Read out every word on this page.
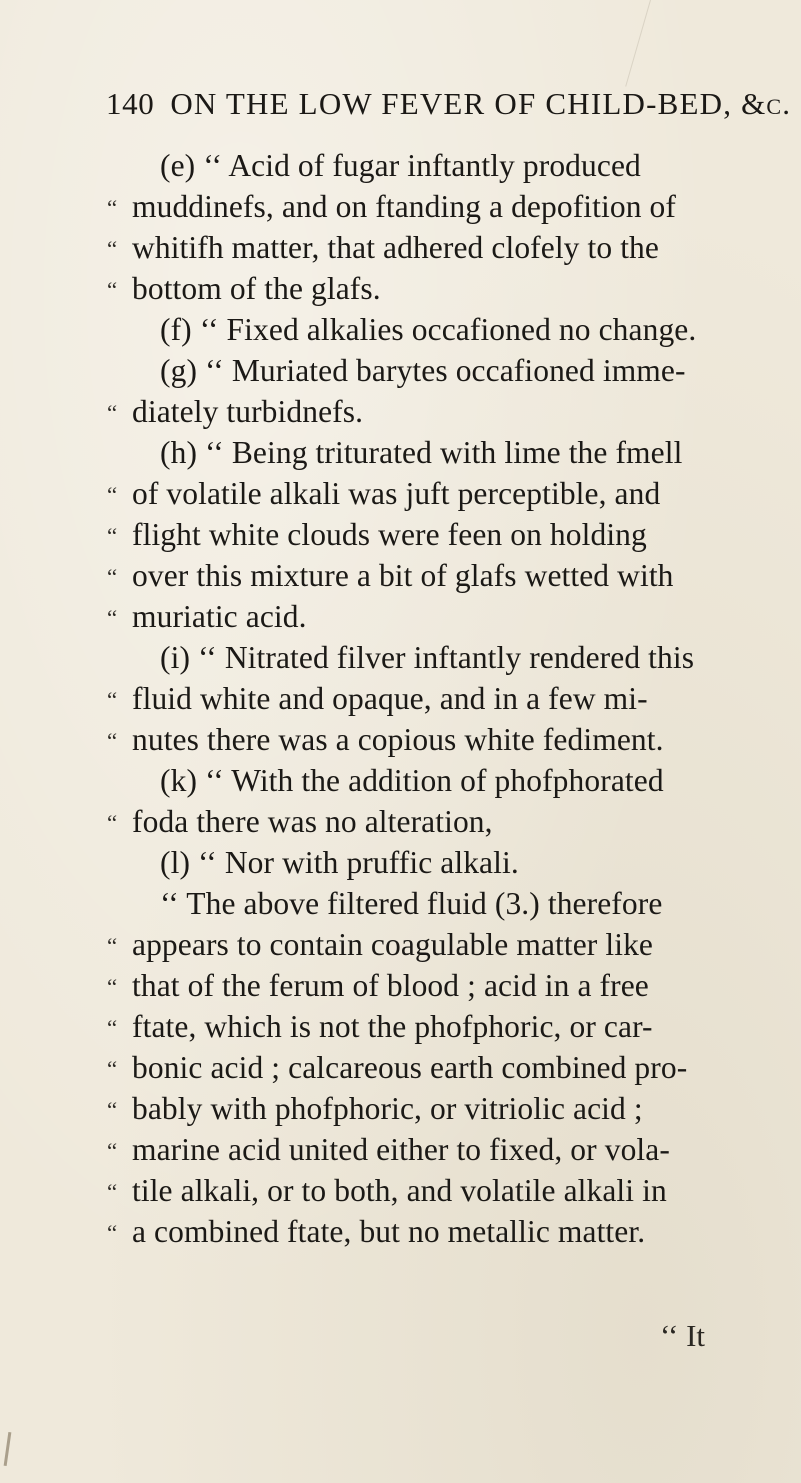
140 ON THE LOW FEVER OF CHILD-BED, &c.
(e) ‘‘ Acid of fugar inftantly produced
‘‘ muddinefs, and on ftanding a depofition of
‘‘ whitifh matter, that adhered clofely to the
‘‘ bottom of the glafs.
(f) ‘‘ Fixed alkalies occafioned no change.
(g) ‘‘ Muriated barytes occafioned imme-
‘‘ diately turbidnefs.
(h) ‘‘ Being triturated with lime the fmell
‘‘ of volatile alkali was juft perceptible, and
‘‘ flight white clouds were feen on holding
‘‘ over this mixture a bit of glafs wetted with
‘‘ muriatic acid.
(i) ‘‘ Nitrated filver inftantly rendered this
‘‘ fluid white and opaque, and in a few mi-
‘‘ nutes there was a copious white fediment.
(k) ‘‘ With the addition of phofphorated
‘‘ foda there was no alteration,
(l) ‘‘ Nor with pruffic alkali.
‘‘ The above filtered fluid (3.) therefore
‘‘ appears to contain coagulable matter like
‘‘ that of the ferum of blood ; acid in a free
‘‘ ftate, which is not the phofphoric, or car-
‘‘ bonic acid ; calcareous earth combined pro-
‘‘ bably with phofphoric, or vitriolic acid ;
‘‘ marine acid united either to fixed, or vola-
‘‘ tile alkali, or to both, and volatile alkali in
‘‘ a combined ftate, but no metallic matter.
‘‘ It
